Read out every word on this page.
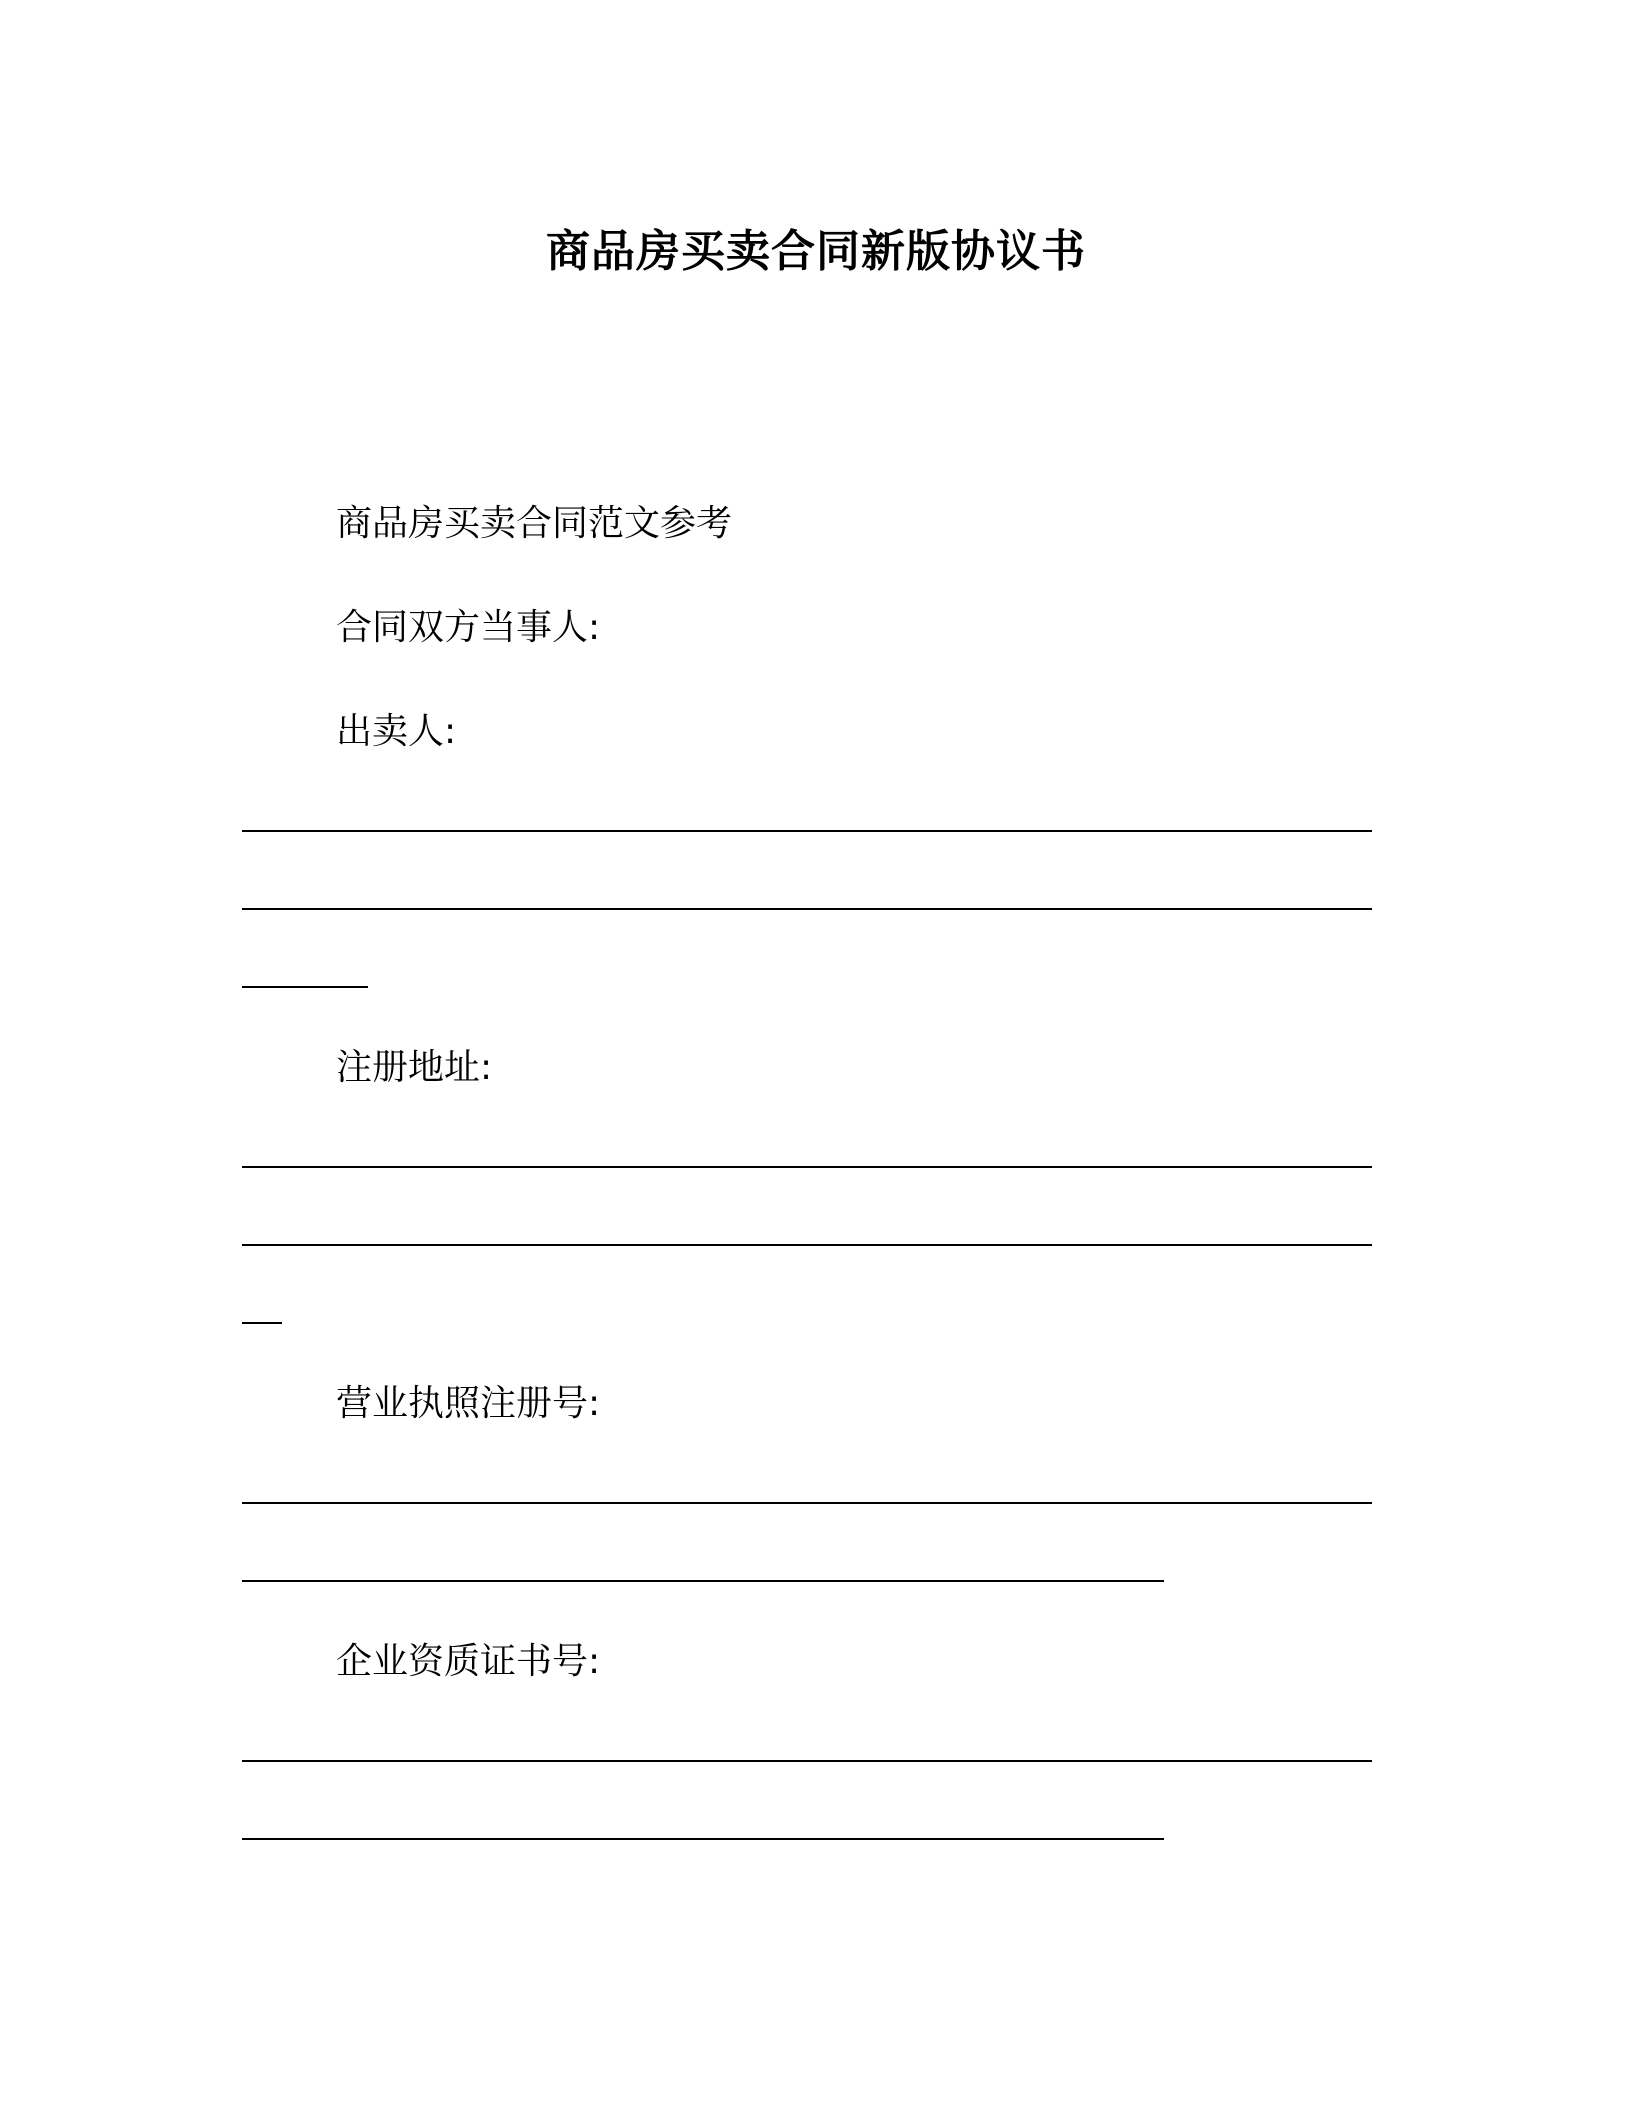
商品房买卖合同新版协议书
商品房买卖合同范文参考
合同双方当事人:
出卖人:
注册地址:
营业执照注册号:
企业资质证书号:
